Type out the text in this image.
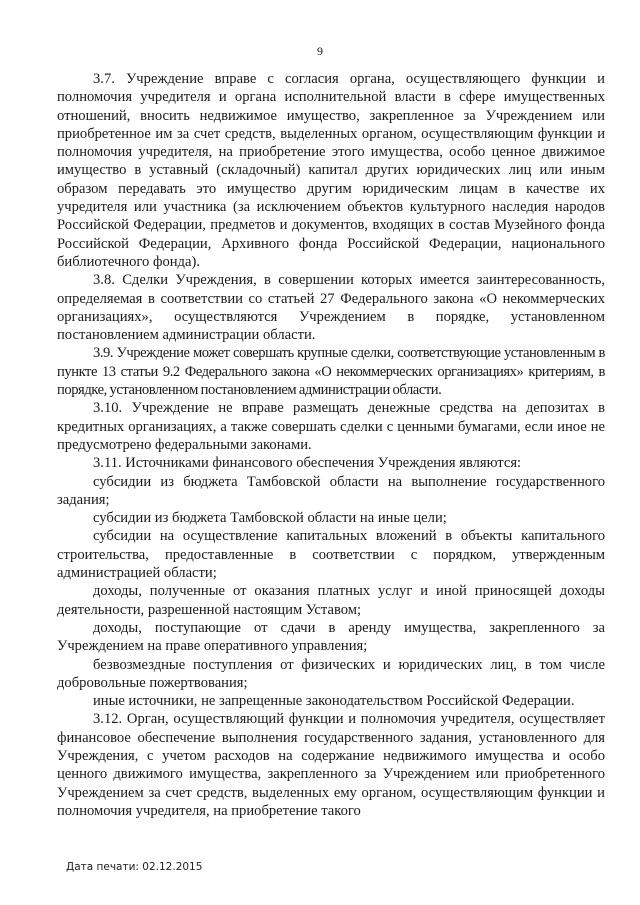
9

3.7. Учреждение вправе с согласия органа, осуществляющего функции и полномочия учредителя и органа исполнительной власти в сфере имущественных отношений, вносить недвижимое имущество, закрепленное за Учреждением или приобретенное им за счет средств, выделенных органом, осуществляющим функции и полномочия учредителя, на приобретение этого имущества, особо ценное движимое имущество в уставный (складочный) капитал других юридических лиц или иным образом передавать это имущество другим юридическим лицам в качестве их учредителя или участника (за исключением объектов культурного наследия народов Российской Федерации, предметов и документов, входящих в состав Музейного фонда Российской Федерации, Архивного фонда Российской Федерации, национального библиотечного фонда).

3.8. Сделки Учреждения, в совершении которых имеется заинтересованность, определяемая в соответствии со статьей 27 Федерального закона «О некоммерческих организациях», осуществляются Учреждением в порядке, установленном постановлением администрации области.

3.9. Учреждение может совершать крупные сделки, соответствующие установленным в пункте 13 статьи 9.2 Федерального закона «О некоммерческих организациях» критериям, в порядке, установленном постановлением администрации области.

3.10. Учреждение не вправе размещать денежные средства на депозитах в кредитных организациях, а также совершать сделки с ценными бумагами, если иное не предусмотрено федеральными законами.

3.11. Источниками финансового обеспечения Учреждения являются:

субсидии из бюджета Тамбовской области на выполнение государственного задания;

субсидии из бюджета Тамбовской области на иные цели;

субсидии на осуществление капитальных вложений в объекты капитального строительства, предоставленные в соответствии с порядком, утвержденным администрацией области;

доходы, полученные от оказания платных услуг и иной приносящей доходы деятельности, разрешенной настоящим Уставом;

доходы, поступающие от сдачи в аренду имущества, закрепленного за Учреждением на праве оперативного управления;

безвозмездные поступления от физических и юридических лиц, в том числе добровольные пожертвования;

иные источники, не запрещенные законодательством Российской Федерации.

3.12. Орган, осуществляющий функции и полномочия учредителя, осуществляет финансовое обеспечение выполнения государственного задания, установленного для Учреждения, с учетом расходов на содержание недвижимого имущества и особо ценного движимого имущества, закрепленного за Учреждением или приобретенного Учреждением за счет средств, выделенных ему органом, осуществляющим функции и полномочия учредителя, на приобретение такого

Дата печати: 02.12.2015
